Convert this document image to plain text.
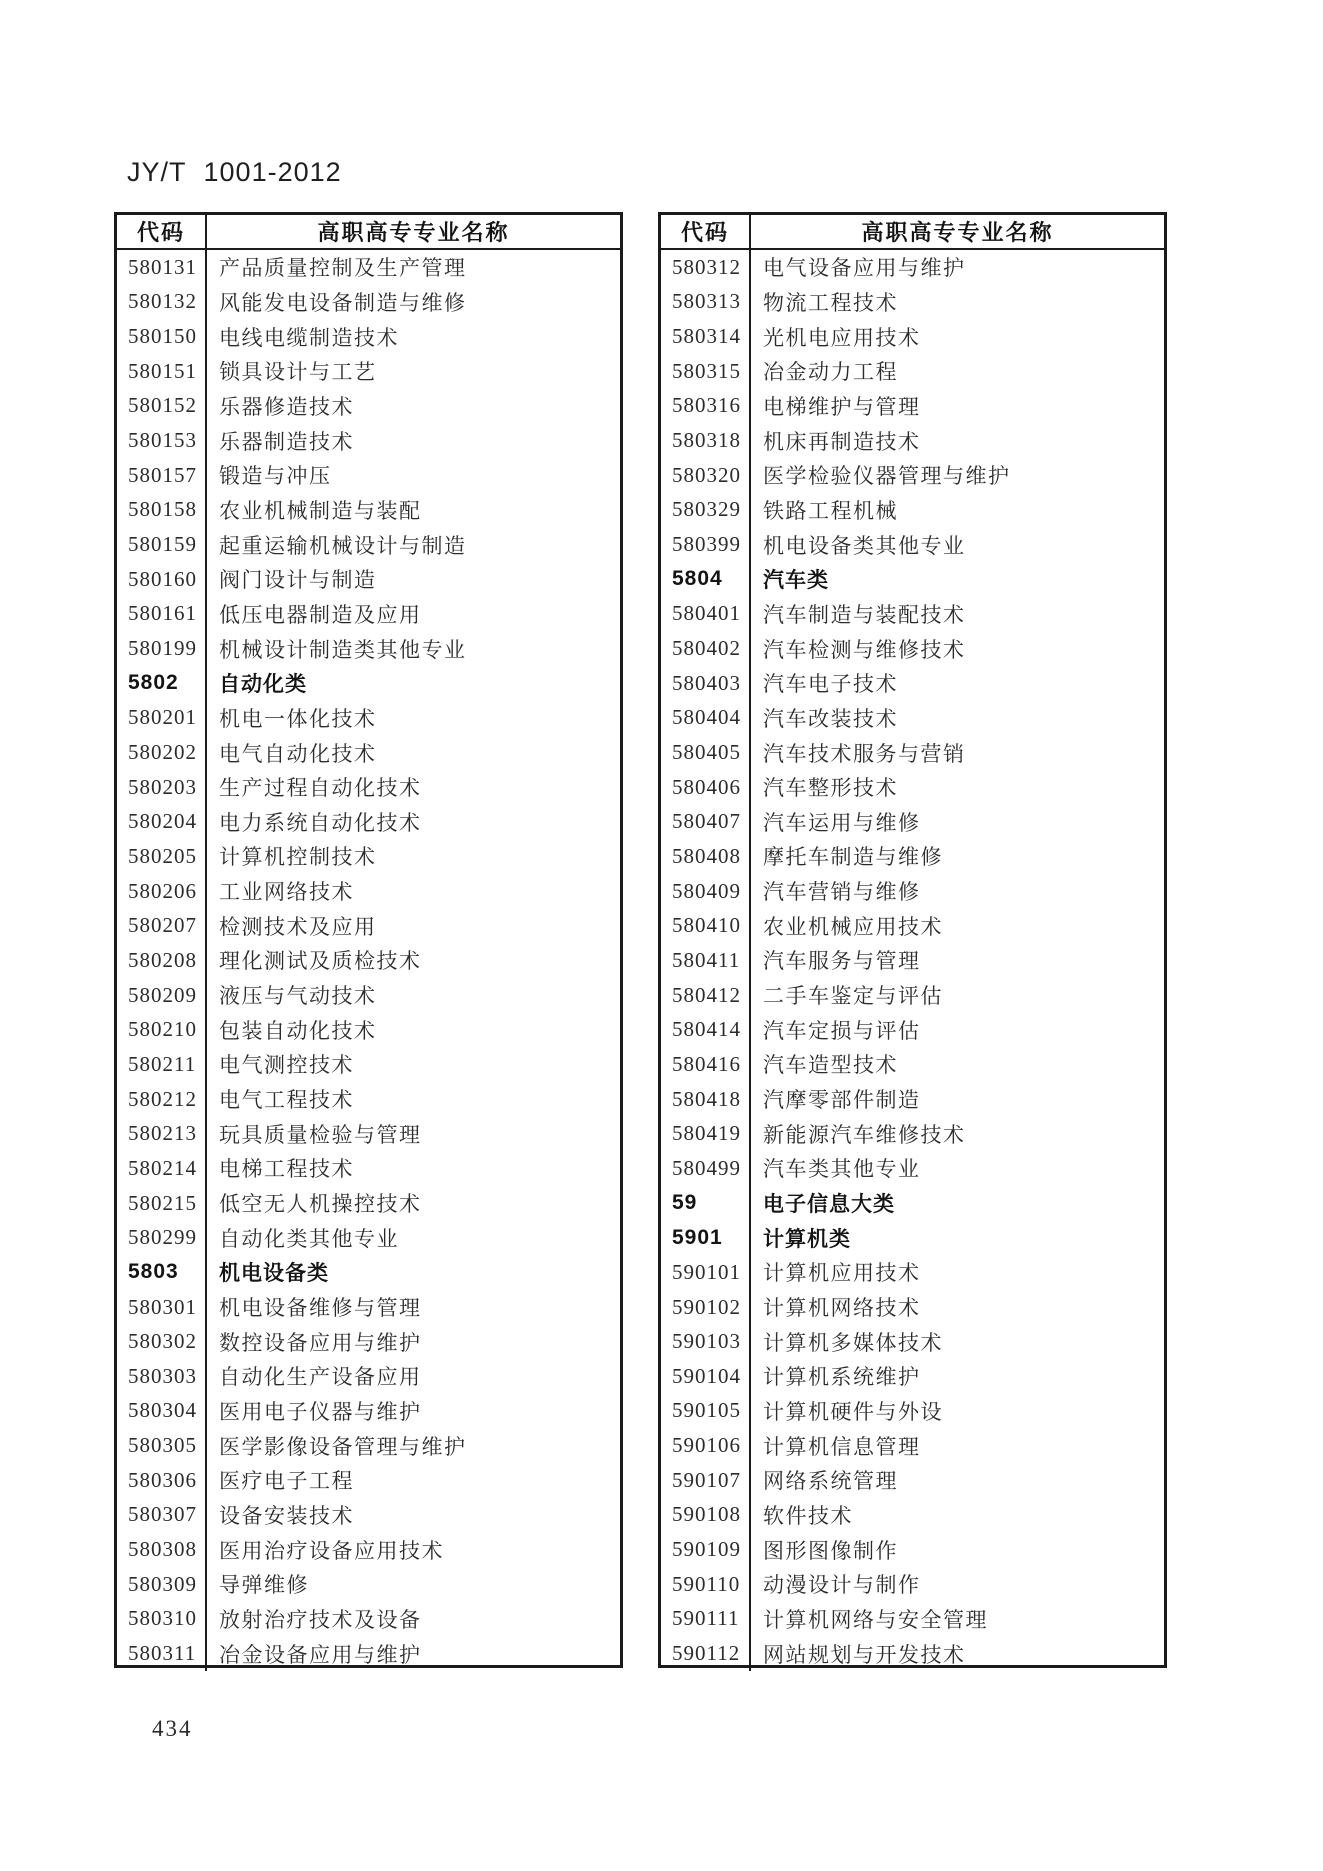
JY/T 1001-2012
代码	高职高专专业名称
580131	产品质量控制及生产管理
580132	风能发电设备制造与维修
580150	电线电缆制造技术
580151	锁具设计与工艺
580152	乐器修造技术
580153	乐器制造技术
580157	锻造与冲压
580158	农业机械制造与装配
580159	起重运输机械设计与制造
580160	阀门设计与制造
580161	低压电器制造及应用
580199	机械设计制造类其他专业
5802	自动化类
580201	机电一体化技术
580202	电气自动化技术
580203	生产过程自动化技术
580204	电力系统自动化技术
580205	计算机控制技术
580206	工业网络技术
580207	检测技术及应用
580208	理化测试及质检技术
580209	液压与气动技术
580210	包装自动化技术
580211	电气测控技术
580212	电气工程技术
580213	玩具质量检验与管理
580214	电梯工程技术
580215	低空无人机操控技术
580299	自动化类其他专业
5803	机电设备类
580301	机电设备维修与管理
580302	数控设备应用与维护
580303	自动化生产设备应用
580304	医用电子仪器与维护
580305	医学影像设备管理与维护
580306	医疗电子工程
580307	设备安装技术
580308	医用治疗设备应用技术
580309	导弹维修
580310	放射治疗技术及设备
580311	冶金设备应用与维护
代码	高职高专专业名称
580312	电气设备应用与维护
580313	物流工程技术
580314	光机电应用技术
580315	冶金动力工程
580316	电梯维护与管理
580318	机床再制造技术
580320	医学检验仪器管理与维护
580329	铁路工程机械
580399	机电设备类其他专业
5804	汽车类
580401	汽车制造与装配技术
580402	汽车检测与维修技术
580403	汽车电子技术
580404	汽车改装技术
580405	汽车技术服务与营销
580406	汽车整形技术
580407	汽车运用与维修
580408	摩托车制造与维修
580409	汽车营销与维修
580410	农业机械应用技术
580411	汽车服务与管理
580412	二手车鉴定与评估
580414	汽车定损与评估
580416	汽车造型技术
580418	汽摩零部件制造
580419	新能源汽车维修技术
580499	汽车类其他专业
59	电子信息大类
5901	计算机类
590101	计算机应用技术
590102	计算机网络技术
590103	计算机多媒体技术
590104	计算机系统维护
590105	计算机硬件与外设
590106	计算机信息管理
590107	网络系统管理
590108	软件技术
590109	图形图像制作
590110	动漫设计与制作
590111	计算机网络与安全管理
590112	网站规划与开发技术
434
